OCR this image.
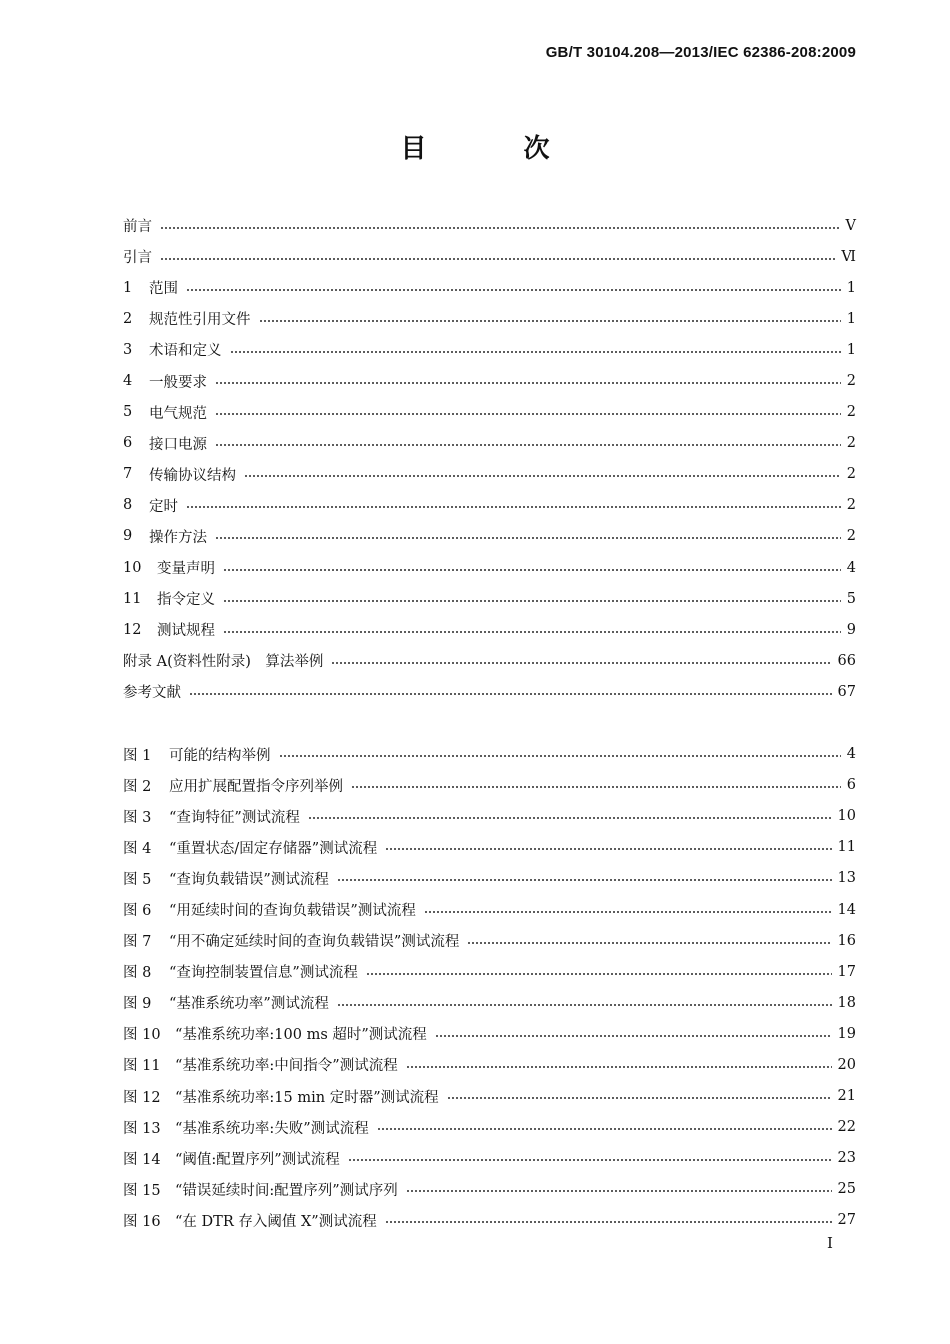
GB/T 30104.208—2013/IEC 62386-208:2009
目 次
前言	Ⅴ
引言	Ⅵ
1	范围	1
2	规范性引用文件	1
3	术语和定义	1
4	一般要求	2
5	电气规范	2
6	接口电源	2
7	传输协议结构	2
8	定时	2
9	操作方法	2
10	变量声明	4
11	指令定义	5
12	测试规程	9
附录 A(资料性附录)　算法举例	66
参考文献	67
图 1	可能的结构举例	4
图 2	应用扩展配置指令序列举例	6
图 3	“查询特征”测试流程	10
图 4	“重置状态/固定存储器”测试流程	11
图 5	“查询负载错误”测试流程	13
图 6	“用延续时间的查询负载错误”测试流程	14
图 7	“用不确定延续时间的查询负载错误”测试流程	16
图 8	“查询控制装置信息”测试流程	17
图 9	“基准系统功率”测试流程	18
图 10 “基准系统功率:100 ms 超时”测试流程	19
图 11 “基准系统功率:中间指令”测试流程	20
图 12 “基准系统功率:15 min 定时器”测试流程	21
图 13 “基准系统功率:失败”测试流程	22
图 14 “阈值:配置序列”测试流程	23
图 15 “错误延续时间:配置序列”测试序列	25
图 16 “在 DTR 存入阈值 X”测试流程	27
Ⅰ
